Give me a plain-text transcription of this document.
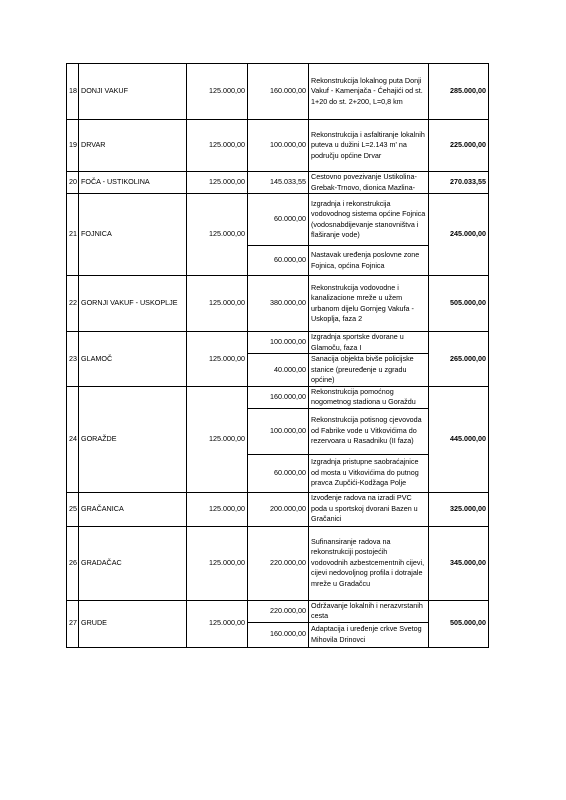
18	DONJI VAKUF	125.000,00	160.000,00	Rekonstrukcija lokalnog puta Donji Vakuf - Kamenjača - Ćehajići od st. 1+20 do st. 2+200, L=0,8 km	285.000,00
19	DRVAR	125.000,00	100.000,00	Rekonstrukcija i asfaltiranje lokalnih puteva u dužini L=2.143 m' na području općine Drvar	225.000,00
20	FOČA - USTIKOLINA	125.000,00	145.033,55	Cestovno povezivanje Ustikolina-Grebak-Trnovo, dionica Mazlina-	270.033,55
21	FOJNICA	125.000,00	60.000,00	Izgradnja i rekonstrukcija vodovodnog sistema općine Fojnica (vodosnabdijevanje stanovništva i flaširanje vode)	245.000,00
			60.000,00	Nastavak uređenja poslovne zone Fojnica, općina Fojnica	
22	GORNJI VAKUF - USKOPLJE	125.000,00	380.000,00	Rekonstrukcija vodovodne i kanalizacione mreže u užem urbanom dijelu Gornjeg Vakufa - Uskoplja, faza 2	505.000,00
23	GLAMOČ	125.000,00	100.000,00	Izgradnja sportske dvorane u Glamoču, faza I	265.000,00
			40.000,00	Sanacija objekta bivše policijske stanice (preuređenje u zgradu općine)	
24	GORAŽDE	125.000,00	160.000,00	Rekonstrukcija pomoćnog nogometnog stadiona u Goraždu	445.000,00
			100.000,00	Rekonstrukcija potisnog cjevovoda od Fabrike vode u Vitkovićima do rezervoara u Rasadniku (II faza)	
			60.000,00	Izgradnja pristupne saobraćajnice od mosta u Vitkovićima do putnog pravca Zupčići-Kodžaga Polje	
25	GRAČANICA	125.000,00	200.000,00	Izvođenje radova na izradi PVC poda u sportskoj dvorani Bazen u Gračanici	325.000,00
26	GRADAČAC	125.000,00	220.000,00	Sufinansiranje radova na rekonstrukciji postojećih vodovodnih azbestcementnih cijevi, cijevi nedovoljnog profila i dotrajale mreže u Gradačcu	345.000,00
27	GRUDE	125.000,00	220.000,00	Održavanje lokalnih i nerazvrstanih cesta	505.000,00
			160.000,00	Adaptacija i uređenje crkve Svetog Mihovila Drinovci	
